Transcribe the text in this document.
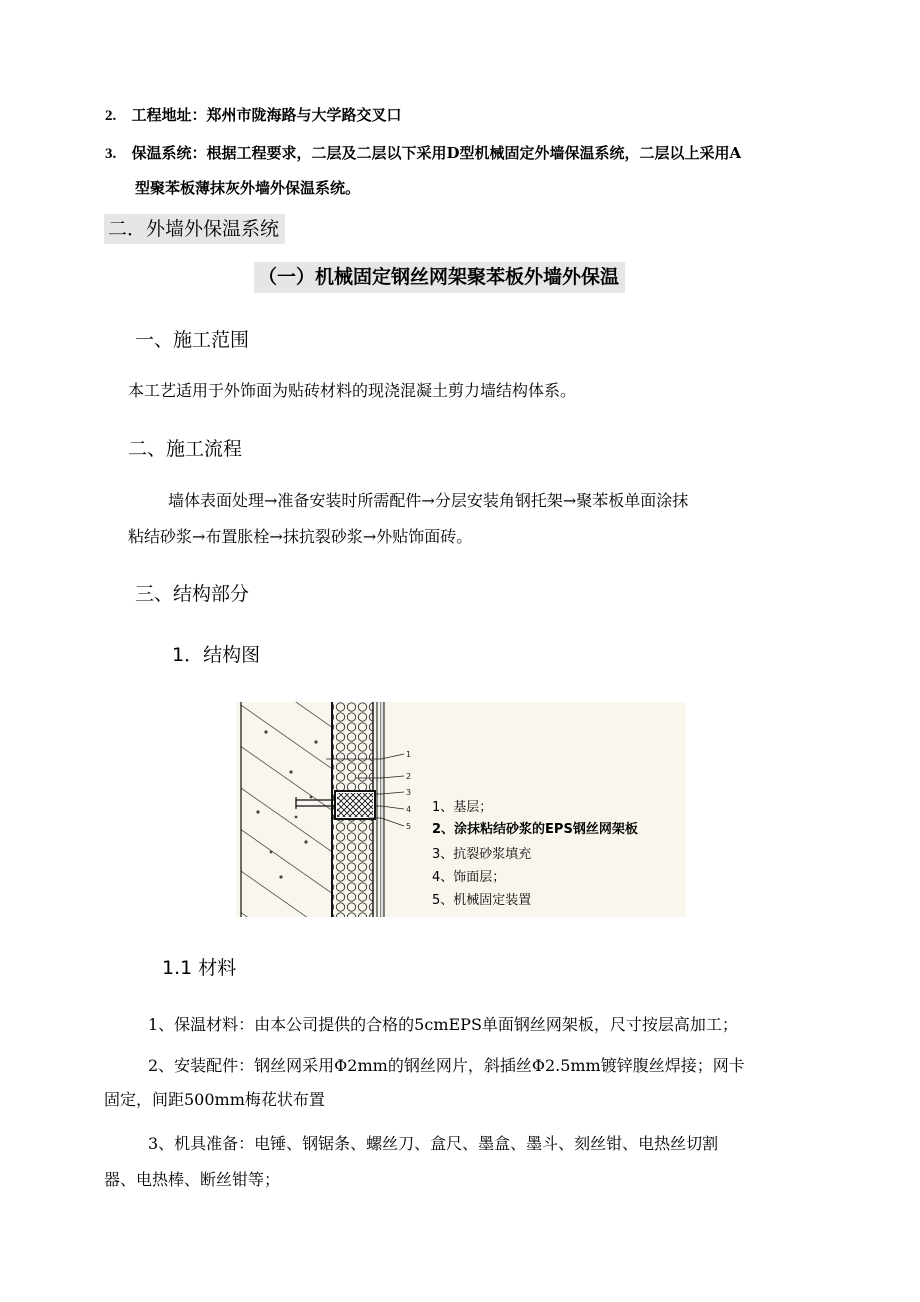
2. 工程地址：郑州市陇海路与大学路交叉口
3. 保温系统：根据工程要求，二层及二层以下采用D型机械固定外墙保温系统，二层以上采用A
型聚苯板薄抹灰外墙外保温系统。
二．外墙外保温系统
（一）机械固定钢丝网架聚苯板外墙外保温
一、施工范围
本工艺适用于外饰面为贴砖材料的现浇混凝土剪力墙结构体系。
二、施工流程
墙体表面处理→准备安装时所需配件→分层安装角钢托架→聚苯板单面涂抹
粘结砂浆→布置胀栓→抹抗裂砂浆→外贴饰面砖。
三、结构部分
1．结构图
1
2
3
4
5
1、基层；
2、涂抹粘结砂浆的EPS钢丝网架板
3、抗裂砂浆填充
4、饰面层；
5、机械固定装置
1.1 材料
1、保温材料：由本公司提供的合格的5cmEPS单面钢丝网架板，尺寸按层高加工；
2、安装配件：钢丝网采用Φ2mm的钢丝网片，斜插丝Φ2.5mm镀锌腹丝焊接；网卡
固定，间距500mm梅花状布置
3、机具准备：电锤、钢锯条、螺丝刀、盒尺、墨盒、墨斗、刻丝钳、电热丝切割
器、电热棒、断丝钳等；
